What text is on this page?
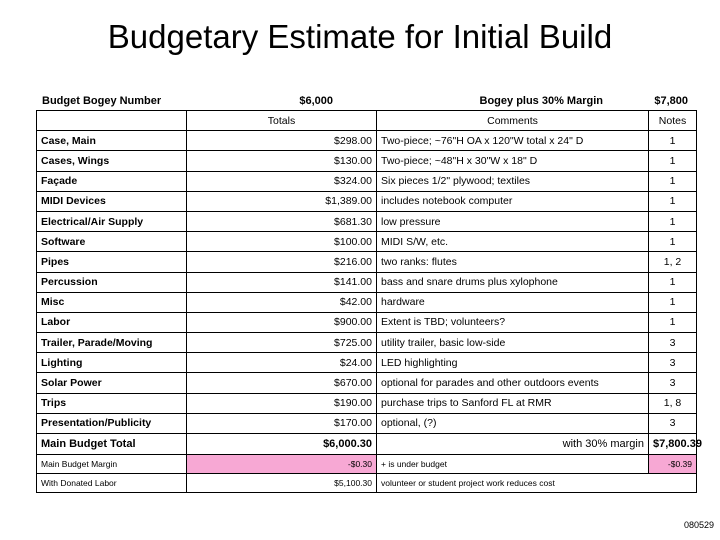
Budgetary Estimate for Initial Build
Budget Bogey Number	$6,000	Bogey plus 30% Margin	$7,800
	Totals	Comments	Notes
Case, Main	$298.00	Two-piece; ~76"H OA x 120"W total x 24" D	1
Cases, Wings	$130.00	Two-piece; ~48"H x 30"W x 18" D	1
Façade	$324.00	Six pieces 1/2" plywood; textiles	1
MIDI Devices	$1,389.00	includes notebook computer	1
Electrical/Air Supply	$681.30	low pressure	1
Software	$100.00	MIDI S/W, etc.	1
Pipes	$216.00	two ranks: flutes	1, 2
Percussion	$141.00	bass and snare drums plus xylophone	1
Misc	$42.00	hardware	1
Labor	$900.00	Extent is TBD; volunteers?	1
Trailer, Parade/Moving	$725.00	utility trailer, basic low-side	3
Lighting	$24.00	LED highlighting	3
Solar Power	$670.00	optional for parades and other outdoors events	3
Trips	$190.00	purchase trips to Sanford FL at RMR	1, 8
Presentation/Publicity	$170.00	optional, (?)	3
Main Budget Total	$6,000.30	with 30% margin	$7,800.39
Main Budget Margin	-$0.30	+ is under budget	-$0.39
With Donated Labor	$5,100.30	volunteer or student project work reduces cost	
080529
